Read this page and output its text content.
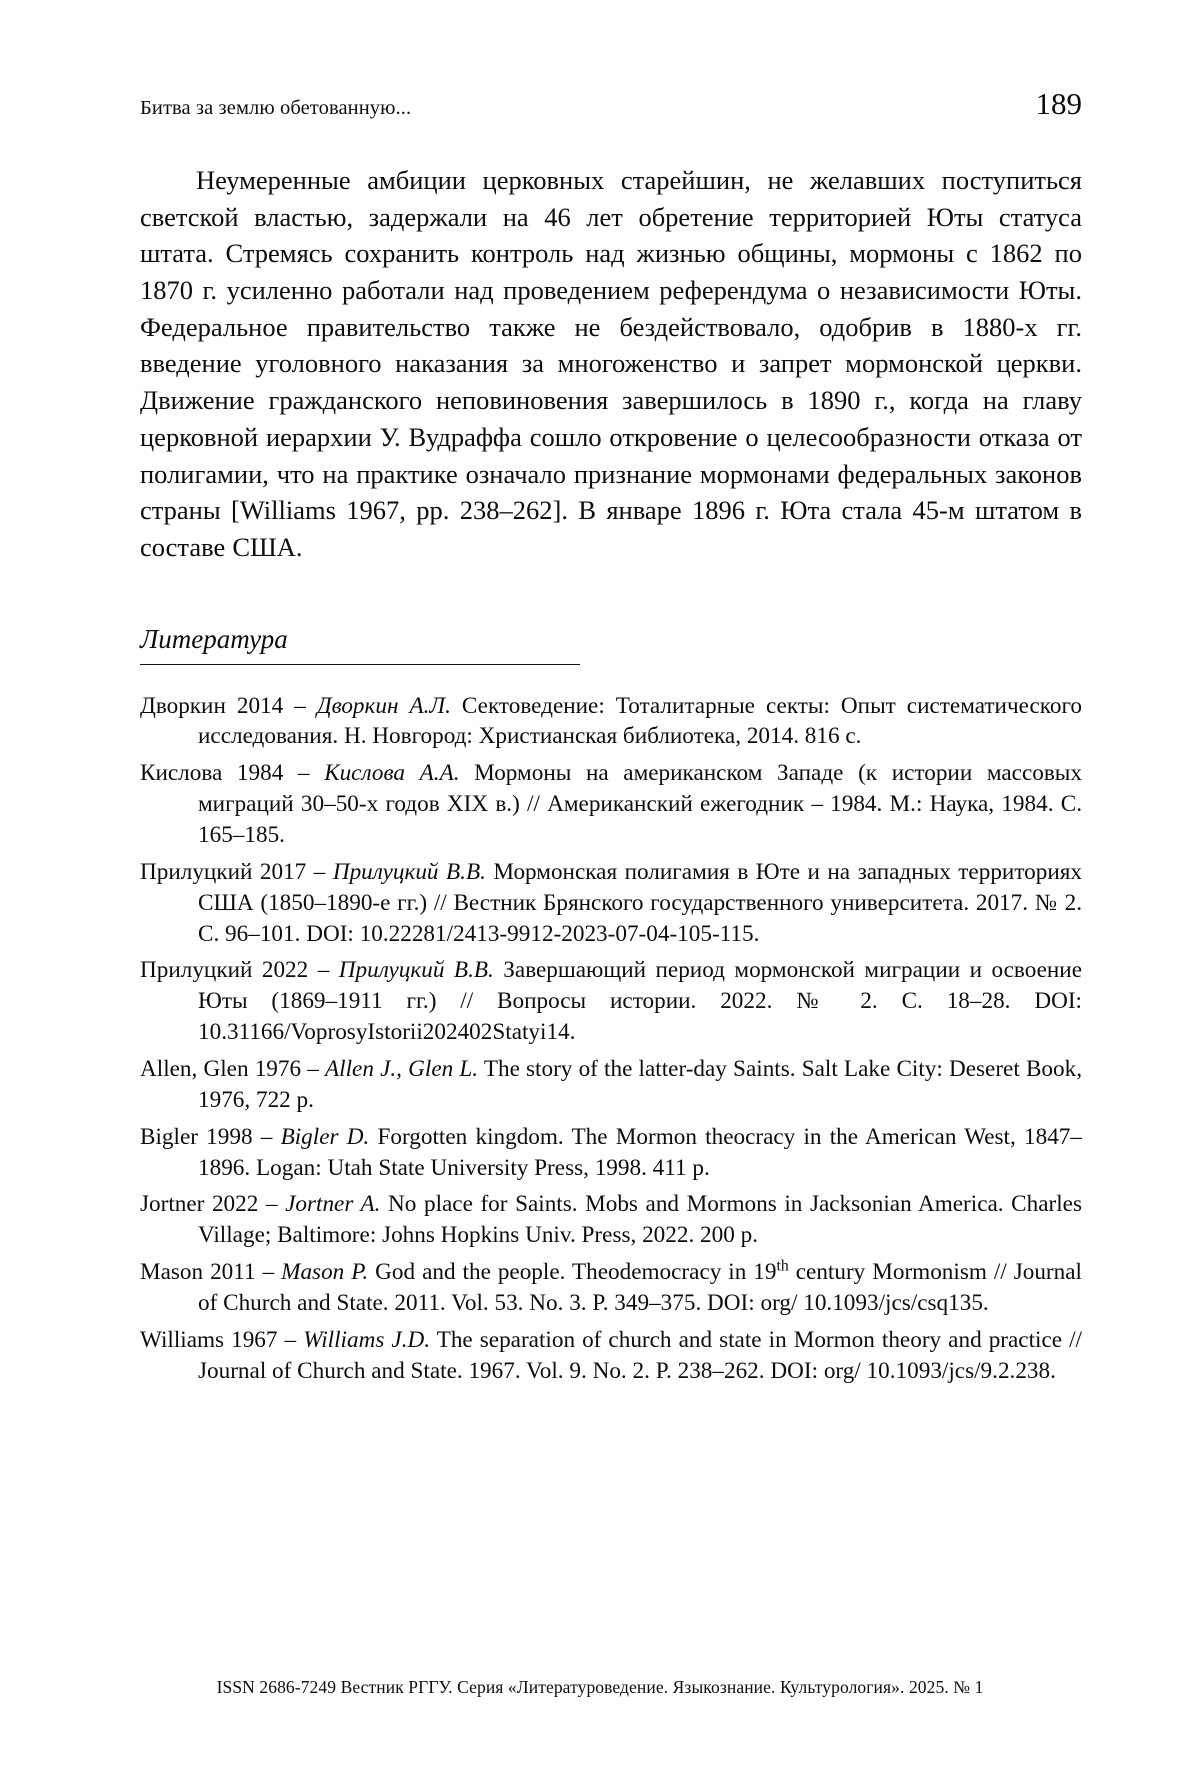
Битва за землю обетованную...	189

Неумеренные амбиции церковных старейшин, не желавших поступиться светской властью, задержали на 46 лет обретение территорией Юты статуса штата. Стремясь сохранить контроль над жизнью общины, мормоны с 1862 по 1870 г. усиленно работали над проведением референдума о независимости Юты. Федеральное правительство также не бездействовало, одобрив в 1880-х гг. введение уголовного наказания за многоженство и запрет мормонской церкви. Движение гражданского неповиновения завершилось в 1890 г., когда на главу церковной иерархии У. Вудраффа сошло откровение о целесообразности отказа от полигамии, что на практике означало признание мормонами федеральных законов страны [Williams 1967, pp. 238–262]. В январе 1896 г. Юта стала 45-м штатом в составе США.

Литература
Дворкин 2014 – Дворкин А.Л. Сектоведение: Тоталитарные секты: Опыт систематического исследования. Н. Новгород: Христианская библиотека, 2014. 816 с.
Кислова 1984 – Кислова А.А. Мормоны на американском Западе (к истории массовых миграций 30–50-х годов XIX в.) // Американский ежегодник – 1984. М.: Наука, 1984. С. 165–185.
Прилуцкий 2017 – Прилуцкий В.В. Мормонская полигамия в Юте и на западных территориях США (1850–1890-е гг.) // Вестник Брянского государственного университета. 2017. № 2. С. 96–101. DOI: 10.22281/2413-9912-2023-07-04-105-115.
Прилуцкий 2022 – Прилуцкий В.В. Завершающий период мормонской миграции и освоение Юты (1869–1911 гг.) // Вопросы истории. 2022. № 2. С. 18–28. DOI: 10.31166/VoprosyIstorii202402Statyi14.
Allen, Glen 1976 – Allen J., Glen L. The story of the latter-day Saints. Salt Lake City: Deseret Book, 1976, 722 p.
Bigler 1998 – Bigler D. Forgotten kingdom. The Mormon theocracy in the American West, 1847–1896. Logan: Utah State University Press, 1998. 411 p.
Jortner 2022 – Jortner A. No place for Saints. Mobs and Mormons in Jacksonian America. Charles Village; Baltimore: Johns Hopkins Univ. Press, 2022. 200 p.
Mason 2011 – Mason P. God and the people. Theodemocracy in 19th century Mormonism // Journal of Church and State. 2011. Vol. 53. No. 3. P. 349–375. DOI: org/ 10.1093/jcs/csq135.
Williams 1967 – Williams J.D. The separation of church and state in Mormon theory and practice // Journal of Church and State. 1967. Vol. 9. No. 2. P. 238–262. DOI: org/ 10.1093/jcs/9.2.238.
ISSN 2686-7249 Вестник РГГУ. Серия «Литературоведение. Языкознание. Культурология». 2025. № 1
